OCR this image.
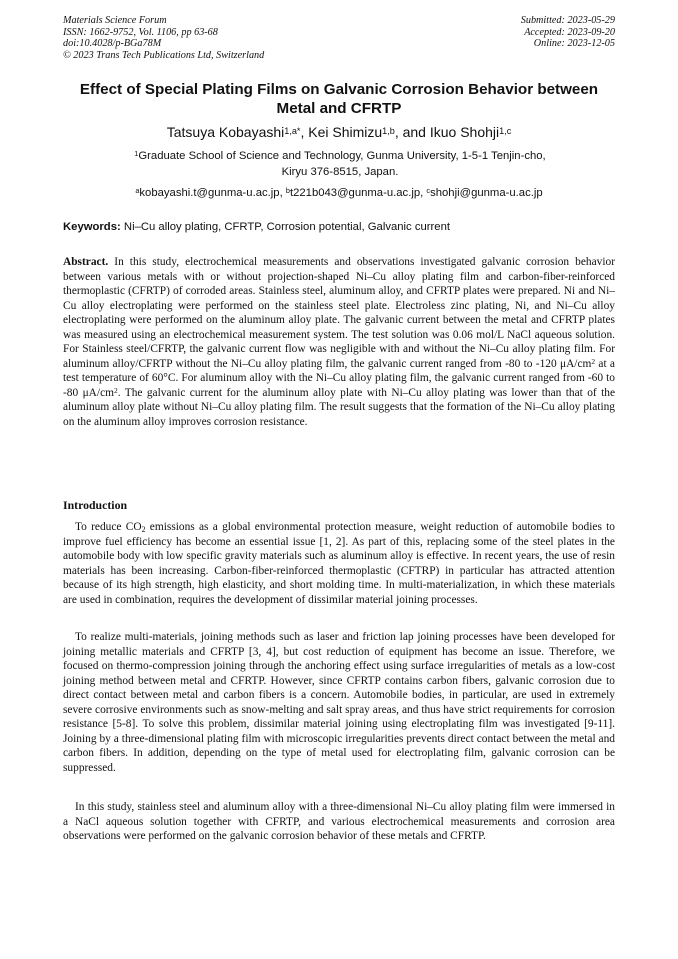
Materials Science Forum
ISSN: 1662-9752, Vol. 1106, pp 63-68
doi:10.4028/p-BGa78M
© 2023 Trans Tech Publications Ltd, Switzerland
Submitted: 2023-05-29
Accepted: 2023-09-20
Online: 2023-12-05
Effect of Special Plating Films on Galvanic Corrosion Behavior between Metal and CFRTP
Tatsuya Kobayashi$^{1,a*}$, Kei Shimizu$^{1,b}$, and Ikuo Shohji$^{1,c}$
$^1$Graduate School of Science and Technology, Gunma University, 1-5-1 Tenjin-cho,
Kiryu 376-8515, Japan.
$^a$kobayashi.t@gunma-u.ac.jp, $^b$t221b043@gunma-u.ac.jp, $^c$shohji@gunma-u.ac.jp
Keywords: Ni–Cu alloy plating, CFRTP, Corrosion potential, Galvanic current
Abstract. In this study, electrochemical measurements and observations investigated galvanic corrosion behavior between various metals with or without projection-shaped Ni–Cu alloy plating film and carbon-fiber-reinforced thermoplastic (CFRTP) of corroded areas. Stainless steel, aluminum alloy, and CFRTP plates were prepared. Ni and Ni–Cu alloy electroplating were performed on the stainless steel plate. Electroless zinc plating, Ni, and Ni–Cu alloy electroplating were performed on the aluminum alloy plate. The galvanic current between the metal and CFRTP plates was measured using an electrochemical measurement system. The test solution was 0.06 mol/L NaCl aqueous solution. For Stainless steel/CFRTP, the galvanic current flow was negligible with and without the Ni–Cu alloy plating film. For aluminum alloy/CFRTP without the Ni–Cu alloy plating film, the galvanic current ranged from -80 to -120 $\mu A/cm^2$ at a test temperature of 60°C. For aluminum alloy with the Ni–Cu alloy plating film, the galvanic current ranged from -60 to -80 $\mu A/cm^2$. The galvanic current for the aluminum alloy plate with Ni–Cu alloy plating was lower than that of the aluminum alloy plate without Ni–Cu alloy plating film. The result suggests that the formation of the Ni–Cu alloy plating on the aluminum alloy improves corrosion resistance.
Introduction

To reduce $CO_2$ emissions as a global environmental protection measure, weight reduction of automobile bodies to improve fuel efficiency has become an essential issue [1, 2]. As part of this, replacing some of the steel plates in the automobile body with low specific gravity materials such as aluminum alloy is effective. In recent years, the use of resin materials has been increasing. Carbon-fiber-reinforced thermoplastic (CFTRP) in particular has attracted attention because of its high strength, high elasticity, and short molding time. In multi-materialization, in which these materials are used in combination, requires the development of dissimilar material joining processes.

To realize multi-materials, joining methods such as laser and friction lap joining processes have been developed for joining metallic materials and CFRTP [3, 4], but cost reduction of equipment has become an issue. Therefore, we focused on thermo-compression joining through the anchoring effect using surface irregularities of metals as a low-cost joining method between metal and CFRTP. However, since CFRTP contains carbon fibers, galvanic corrosion due to direct contact between metal and carbon fibers is a concern. Automobile bodies, in particular, are used in extremely severe corrosive environments such as snow-melting and salt spray areas, and thus have strict requirements for corrosion resistance [5-8]. To solve this problem, dissimilar material joining using electroplating film was investigated [9-11]. Joining by a three-dimensional plating film with microscopic irregularities prevents direct contact between the metal and carbon fibers. In addition, depending on the type of metal used for electroplating film, galvanic corrosion can be suppressed.

In this study, stainless steel and aluminum alloy with a three-dimensional Ni–Cu alloy plating film were immersed in a NaCl aqueous solution together with CFRTP, and various electrochemical measurements and corrosion area observations were performed on the galvanic corrosion behavior of these metals and CFRTP.
